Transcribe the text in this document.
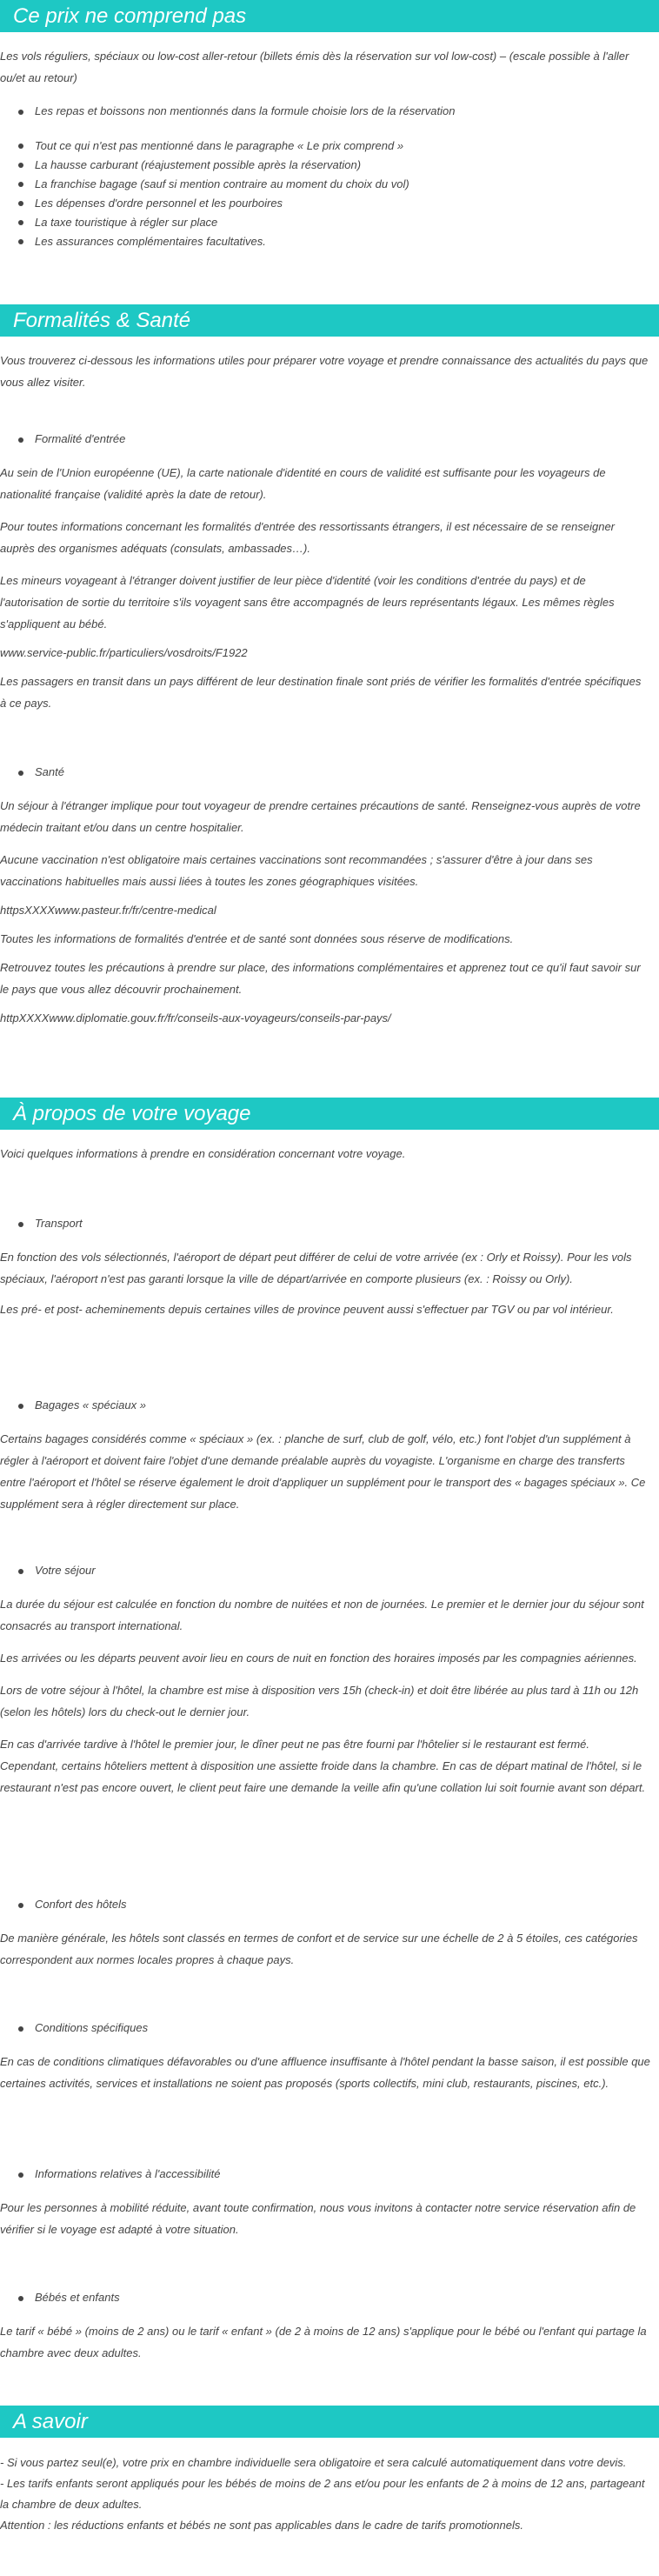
Ce prix ne comprend pas

Les vols réguliers, spéciaux ou low-cost aller-retour (billets émis dès la réservation sur vol low-cost) – (escale possible à l'aller ou/et au retour)

Les repas et boissons non mentionnés dans la formule choisie lors de la réservation
Tout ce qui n'est pas mentionné dans le paragraphe « Le prix comprend »
La hausse carburant (réajustement possible après la réservation)
La franchise bagage (sauf si mention contraire au moment du choix du vol)
Les dépenses d'ordre personnel et les pourboires
La taxe touristique à régler sur place
Les assurances complémentaires facultatives.
Formalités & Santé

Vous trouverez ci-dessous les informations utiles pour préparer votre voyage et prendre connaissance des actualités du pays que vous allez visiter.

Formalité d'entrée

Au sein de l'Union européenne (UE), la carte nationale d'identité en cours de validité est suffisante pour les voyageurs de nationalité française (validité après la date de retour).

Pour toutes informations concernant les formalités d'entrée des ressortissants étrangers, il est nécessaire de se renseigner auprès des organismes adéquats (consulats, ambassades…).

Les mineurs voyageant à l'étranger doivent justifier de leur pièce d'identité (voir les conditions d'entrée du pays) et de l'autorisation de sortie du territoire s'ils voyagent sans être accompagnés de leurs représentants légaux. Les mêmes règles s'appliquent au bébé.

www.service-public.fr/particuliers/vosdroits/F1922

Les passagers en transit dans un pays différent de leur destination finale sont priés de vérifier les formalités d'entrée spécifiques à ce pays.

Santé

Un séjour à l'étranger implique pour tout voyageur de prendre certaines précautions de santé. Renseignez-vous auprès de votre médecin traitant et/ou dans un centre hospitalier.

Aucune vaccination n'est obligatoire mais certaines vaccinations sont recommandées ; s'assurer d'être à jour dans ses vaccinations habituelles mais aussi liées à toutes les zones géographiques visitées.

httpsXXXXwww.pasteur.fr/fr/centre-medical

Toutes les informations de formalités d'entrée et de santé sont données sous réserve de modifications.

Retrouvez toutes les précautions à prendre sur place, des informations complémentaires et apprenez tout ce qu'il faut savoir sur le pays que vous allez découvrir prochainement.

httpXXXXwww.diplomatie.gouv.fr/fr/conseils-aux-voyageurs/conseils-par-pays/

À propos de votre voyage

Voici quelques informations à prendre en considération concernant votre voyage.

Transport

En fonction des vols sélectionnés, l'aéroport de départ peut différer de celui de votre arrivée (ex : Orly et Roissy). Pour les vols spéciaux, l'aéroport n'est pas garanti lorsque la ville de départ/arrivée en comporte plusieurs (ex. : Roissy ou Orly).

Les pré- et post- acheminements depuis certaines villes de province peuvent aussi s'effectuer par TGV ou par vol intérieur.

Bagages « spéciaux »

Certains bagages considérés comme « spéciaux » (ex. : planche de surf, club de golf, vélo, etc.) font l'objet d'un supplément à régler à l'aéroport et doivent faire l'objet d'une demande préalable auprès du voyagiste. L'organisme en charge des transferts entre l'aéroport et l'hôtel se réserve également le droit d'appliquer un supplément pour le transport des « bagages spéciaux ». Ce supplément sera à régler directement sur place.

Votre séjour

La durée du séjour est calculée en fonction du nombre de nuitées et non de journées. Le premier et le dernier jour du séjour sont consacrés au transport international.

Les arrivées ou les départs peuvent avoir lieu en cours de nuit en fonction des horaires imposés par les compagnies aériennes.

Lors de votre séjour à l'hôtel, la chambre est mise à disposition vers 15h (check-in) et doit être libérée au plus tard à 11h ou 12h (selon les hôtels) lors du check-out le dernier jour.

En cas d'arrivée tardive à l'hôtel le premier jour, le dîner peut ne pas être fourni par l'hôtelier si le restaurant est fermé. Cependant, certains hôteliers mettent à disposition une assiette froide dans la chambre. En cas de départ matinal de l'hôtel, si le restaurant n'est pas encore ouvert, le client peut faire une demande la veille afin qu'une collation lui soit fournie avant son départ.

Confort des hôtels

De manière générale, les hôtels sont classés en termes de confort et de service sur une échelle de 2 à 5 étoiles, ces catégories correspondent aux normes locales propres à chaque pays.

Conditions spécifiques

En cas de conditions climatiques défavorables ou d'une affluence insuffisante à l'hôtel pendant la basse saison, il est possible que certaines activités, services et installations ne soient pas proposés (sports collectifs, mini club, restaurants, piscines, etc.).

Informations relatives à l'accessibilité

Pour les personnes à mobilité réduite, avant toute confirmation, nous vous invitons à contacter notre service réservation afin de vérifier si le voyage est adapté à votre situation.

Bébés et enfants

Le tarif « bébé » (moins de 2 ans) ou le tarif « enfant » (de 2 à moins de 12 ans) s'applique pour le bébé ou l'enfant qui partage la chambre avec deux adultes.

A savoir
- Si vous partez seul(e), votre prix en chambre individuelle sera obligatoire et sera calculé automatiquement dans votre devis.
- Les tarifs enfants seront appliqués pour les bébés de moins de 2 ans et/ou pour les enfants de 2 à moins de 12 ans, partageant la chambre de deux adultes.
Attention : les réductions enfants et bébés ne sont pas applicables dans le cadre de tarifs promotionnels.
